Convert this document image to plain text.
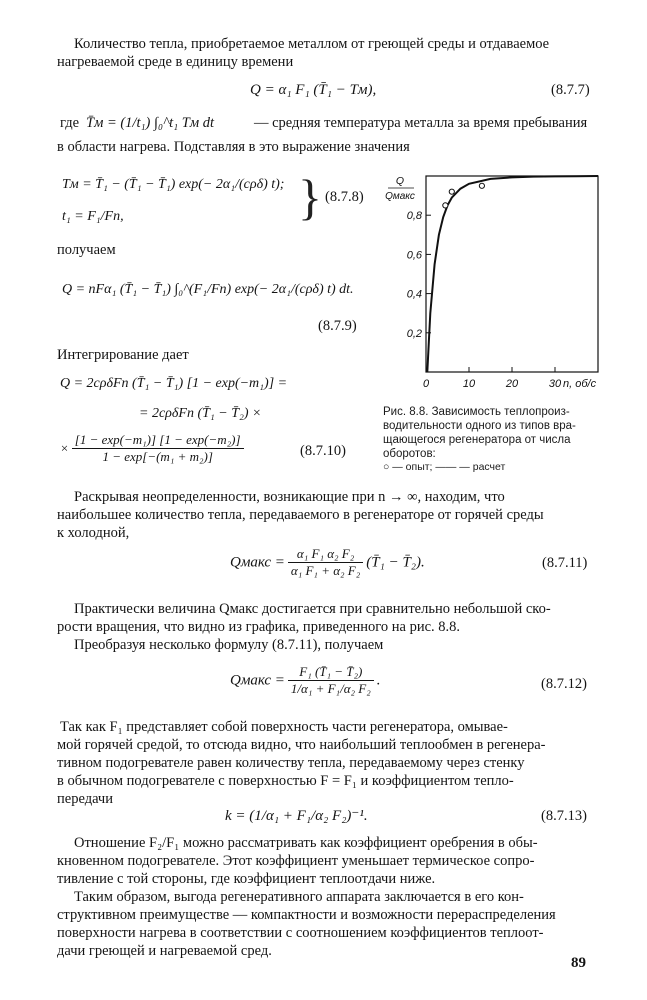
Количество тепла, приобретаемое металлом от греющей среды и отдаваемое
нагреваемой среде в единицу времени
Q = α₁ F₁ (T̄₁ − Tм),	(8.7.7)
где T̄м = (1/t₁) ∫₀^t₁ Tм dt	— средняя температура металла за время пребывания
в области нагрева. Подставляя в это выражение значения
Tм = T̄₁ − (T̄₁ − T̄₁) exp(− 2α₁/(cρδ) t);
t₁ = F₁/Fn,	} (8.7.8)
получаем
Q = nFα₁ (T̄₁ − T̄₁) ∫₀^(F₁/Fn) exp(− 2α₁/(cρδ) t) dt.
(8.7.9)
Интегрирование дает
Q = 2cρδFn (T̄₁ − T̄₁) [1 − exp(−m₁)] =
= 2cρδFn (T̄₁ − T̄₂) ×
× $\frac{\text{[1 − exp(−m₁)] [1 − exp(−m₂)]}}{\text{1 − exp[−(m₁ + m₂)]}}$	(8.7.10)
0,2
0,4
0,6
0,8
0	10	20	30 n, об/с
Q
Qмакс
Рис. 8.8. Зависимость теплопроиз-
водительности одного из типов вра-
щающегося регенератора от числа
оборотов:
○ — опыт; —— — расчет
Раскрывая неопределенности, возникающие при n → ∞, находим, что
наибольшее количество тепла, передаваемого в регенераторе от горячей среды
к холодной,
Qмакс = $\frac{\text{α₁ F₁ α₂ F₂}}{\text{α₁ F₁ + α₂ F₂}}$ (T̄₁ − T̄₂).	(8.7.11)
Практически величина Qмакс достигается при сравнительно небольшой ско-
рости вращения, что видно из графика, приведенного на рис. 8.8.
Преобразуя несколько формулу (8.7.11), получаем
Qмакс = $\frac{\text{F₁ (T̄₁ − T̄₂)}}{\text{1/α₁ + F₁/α₂ F₂}}$ .	(8.7.12)
Так как F₁ представляет собой поверхность части регенератора, омывае-
мой горячей средой, то отсюда видно, что наибольший теплообмен в регенера-
тивном подогревателе равен количеству тепла, передаваемому через стенку
в обычном подогревателе с поверхностью F = F₁ и коэффициентом тепло-
передачи
k = (1/α₁ + F₁/α₂ F₂)⁻¹.	(8.7.13)
Отношение F₂/F₁ можно рассматривать как коэффициент оребрения в обы-
кновенном подогревателе. Этот коэффициент уменьшает термическое сопро-
тивление с той стороны, где коэффициент теплоотдачи ниже.
Таким образом, выгода регенеративного аппарата заключается в его кон-
структивном преимуществе — компактности и возможности перераспределения
поверхности нагрева в соответствии с соотношением коэффициентов теплоот-
дачи греющей и нагреваемой сред.
89
